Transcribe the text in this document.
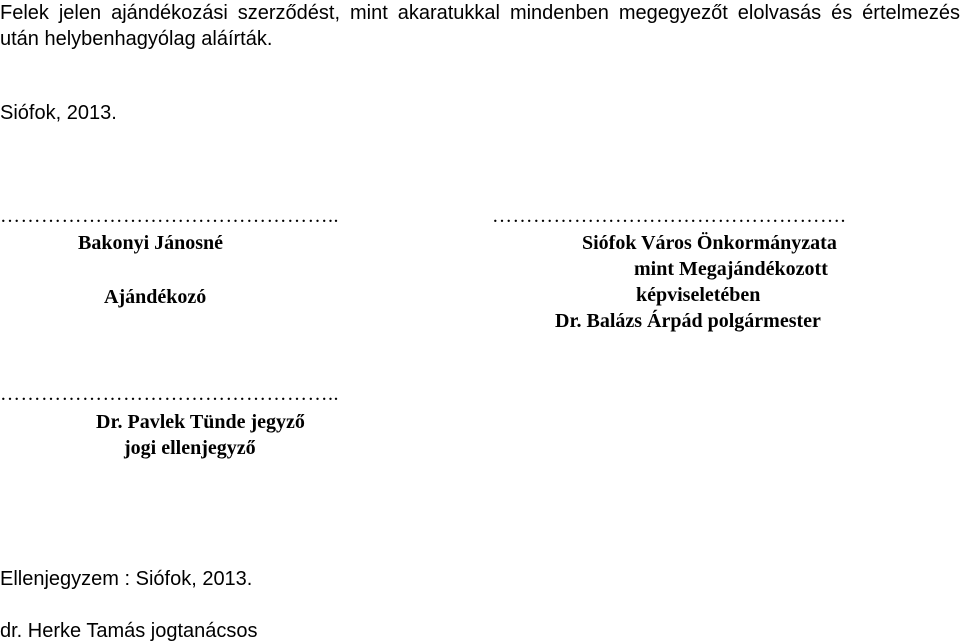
Felek jelen ajándékozási szerződést, mint akaratukkal mindenben megegyezőt elolvasás és értelmezés után helybenhagyólag aláírták.
Siófok, 2013.
…………………………………………..
Bakonyi Jánosné
Ajándékozó
…………………………………………….
Siófok Város Önkormányzata
mint Megajándékozott
képviseletében
Dr. Balázs Árpád polgármester
…………………………………………..
Dr. Pavlek Tünde jegyző
jogi ellenjegyző
Ellenjegyzem : Siófok, 2013.
dr. Herke Tamás jogtanácsos
